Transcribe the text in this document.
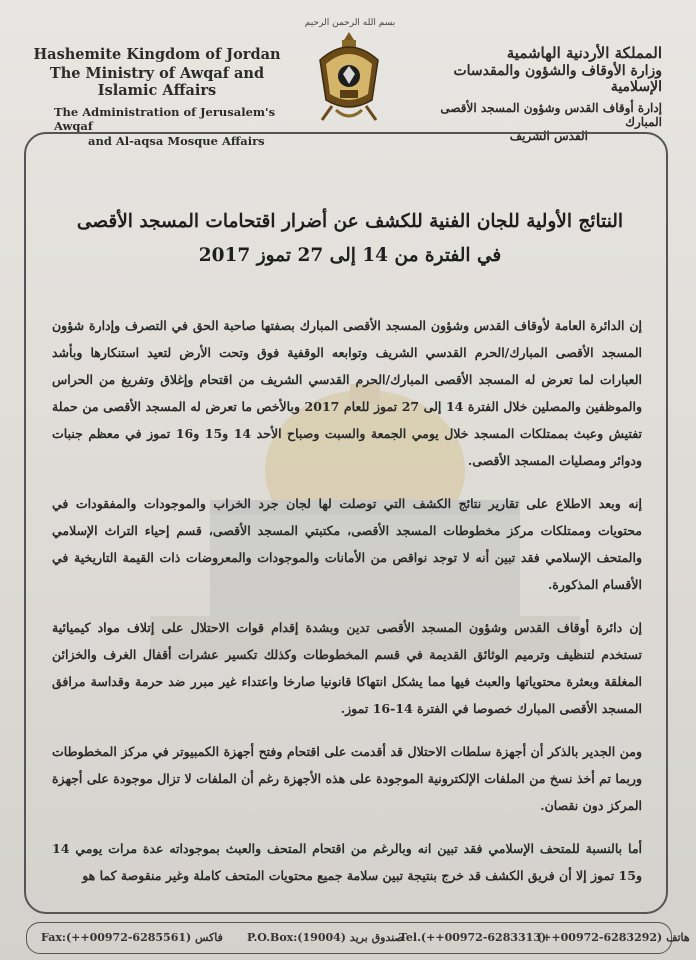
بسم الله الرحمن الرحيم
Hashemite Kingdom of Jordan
The Ministry of Awqaf and Islamic Affairs
The Administration of Jerusalem's Awqaf
and Al-aqsa Mosque Affairs
المملكة الأردنية الهاشمية
وزارة الأوقاف والشؤون والمقدسات الإسلامية
إدارة أوقاف القدس وشؤون المسجد الأقصى المبارك
القدس الشريف
النتائج الأولية للجان الفنية للكشف عن أضرار اقتحامات المسجد الأقصى
في الفترة من 14 إلى 27 تموز 2017

إن الدائرة العامة لأوقاف القدس وشؤون المسجد الأقصى المبارك بصفتها صاحبة الحق في التصرف وإدارة شؤون المسجد الأقصى المبارك/الحرم القدسي الشريف وتوابعه الوقفية فوق وتحت الأرض لتعيد استنكارها وبأشد العبارات لما تعرض له المسجد الأقصى المبارك/الحرم القدسي الشريف من اقتحام وإغلاق وتفريغ من الحراس والموظفين والمصلين خلال الفترة 14 إلى 27 تموز للعام 2017 وبالأخص ما تعرض له المسجد الأقصى من حملة تفتيش وعبث بممتلكات المسجد خلال يومي الجمعة والسبت وصباح الأحد 14 و15 و16 تموز في معظم جنبات ودوائر ومصليات المسجد الأقصى.

إنه وبعد الاطلاع على تقارير نتائج الكشف التي توصلت لها لجان جرد الخراب والموجودات والمفقودات في محتويات وممتلكات مركز مخطوطات المسجد الأقصى، مكتبتي المسجد الأقصى، قسم إحياء التراث الإسلامي والمتحف الإسلامي فقد تبين أنه لا توجد نواقص من الأمانات والموجودات والمعروضات ذات القيمة التاريخية في الأقسام المذكورة.

إن دائرة أوقاف القدس وشؤون المسجد الأقصى تدين وبشدة إقدام قوات الاحتلال على إتلاف مواد كيميائية تستخدم لتنظيف وترميم الوثائق القديمة في قسم المخطوطات وكذلك تكسير عشرات أقفال الغرف والخزائن المغلقة وبعثرة محتوياتها والعبث فيها مما يشكل انتهاكا قانونيا صارخا واعتداء غير مبرر ضد حرمة وقداسة مرافق المسجد الأقصى المبارك خصوصا في الفترة 14-16 تموز.

ومن الجدير بالذكر أن أجهزة سلطات الاحتلال قد أقدمت على اقتحام وفتح أجهزة الكمبيوتر في مركز المخطوطات وربما تم أخذ نسخ من الملفات الإلكترونية الموجودة على هذه الأجهزة رغم أن الملفات لا تزال موجودة على أجهزة المركز دون نقصان.

أما بالنسبة للمتحف الإسلامي فقد تبين انه وبالرغم من اقتحام المتحف والعبث بموجوداته عدة مرات يومي 14 و15 تموز إلا أن فريق الكشف قد خرج بنتيجة تبين سلامة جميع محتويات المتحف كاملة وغير منقوصة كما هو

Fax:(++00972-6285561) فاكس P.O.Box:(19004) صندوق بريد
Tel.(++00972-6283313)
(++00972-6283292) هاتف
